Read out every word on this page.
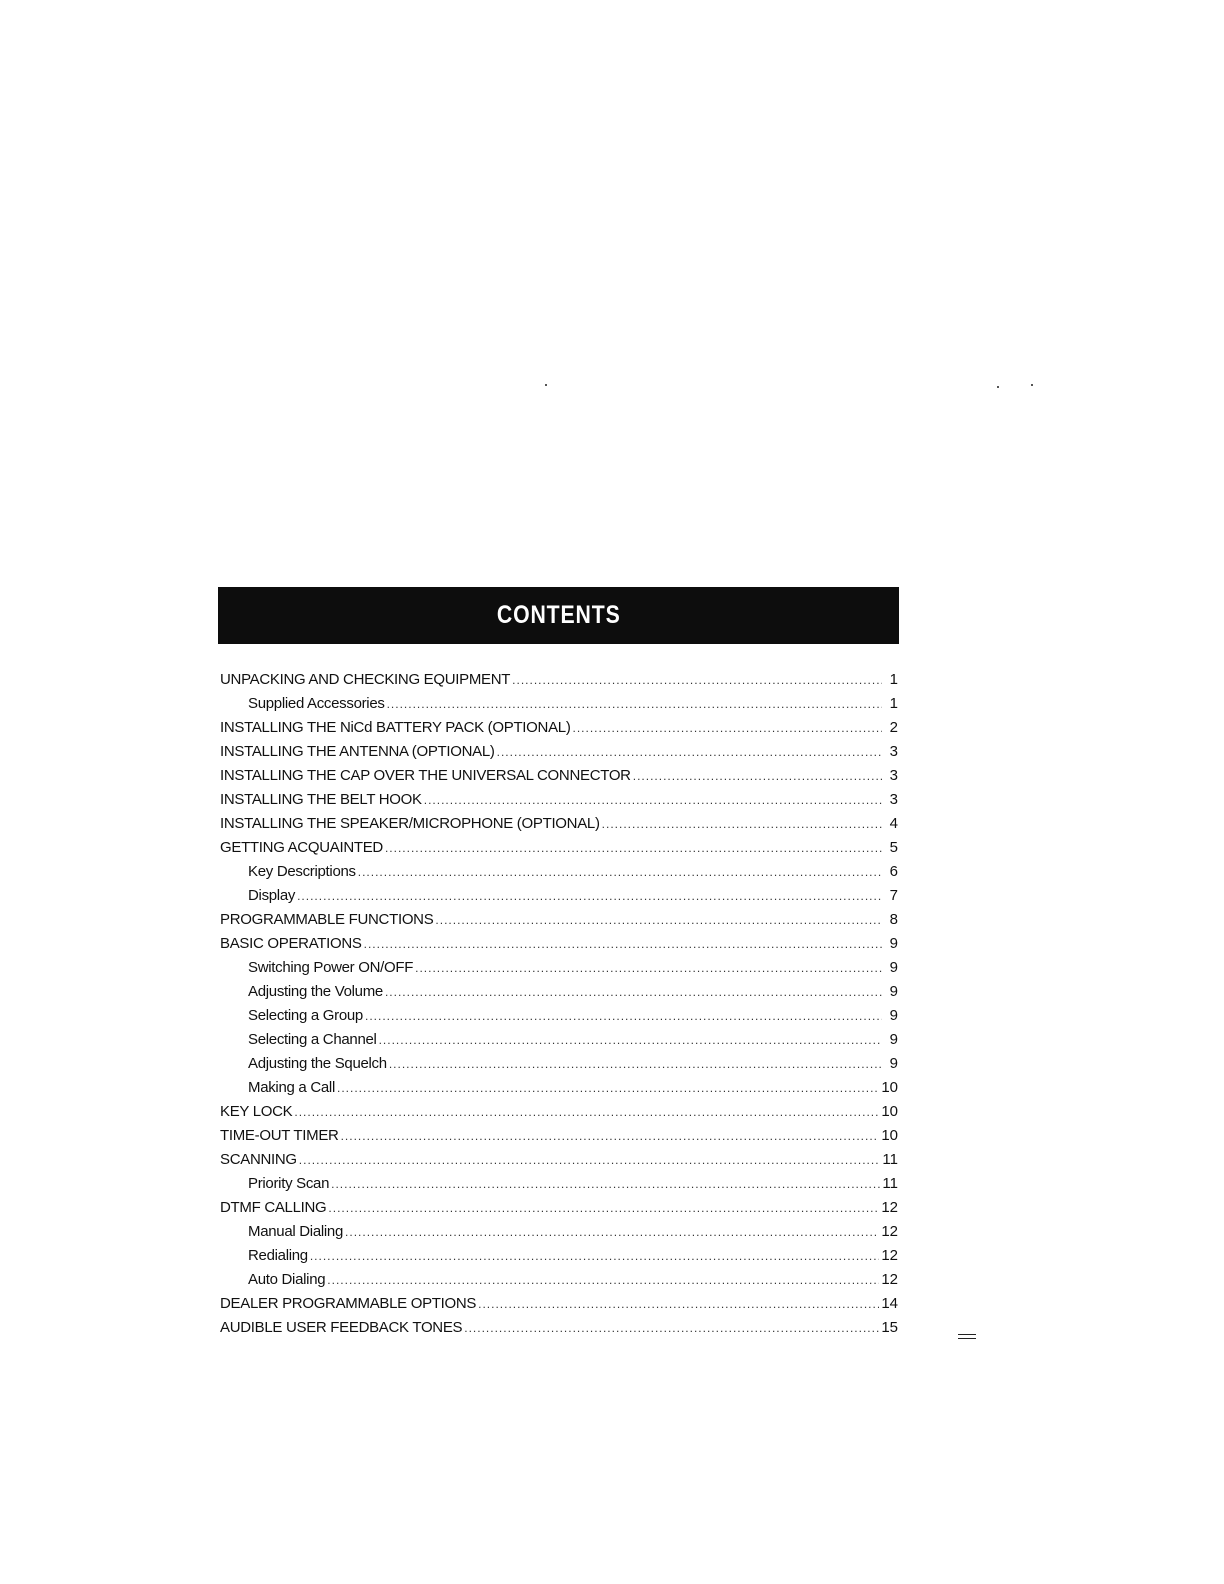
CONTENTS
UNPACKING AND CHECKING EQUIPMENT .....	1
Supplied Accessories .....	1
INSTALLING THE NiCd BATTERY PACK (OPTIONAL) .....	2
INSTALLING THE ANTENNA (OPTIONAL) .....	3
INSTALLING THE CAP OVER THE UNIVERSAL CONNECTOR .....	3
INSTALLING THE BELT HOOK .....	3
INSTALLING THE SPEAKER/MICROPHONE (OPTIONAL) .....	4
GETTING ACQUAINTED .....	5
Key Descriptions .....	6
Display .....	7
PROGRAMMABLE FUNCTIONS .....	8
BASIC OPERATIONS .....	9
Switching Power ON/OFF .....	9
Adjusting the Volume .....	9
Selecting a Group .....	9
Selecting a Channel .....	9
Adjusting the Squelch .....	9
Making a Call .....	10
KEY LOCK .....	10
TIME-OUT TIMER .....	10
SCANNING .....	11
Priority Scan .....	11
DTMF CALLING .....	12
Manual Dialing .....	12
Redialing .....	12
Auto Dialing .....	12
DEALER PROGRAMMABLE OPTIONS .....	14
AUDIBLE USER FEEDBACK TONES .....	15
